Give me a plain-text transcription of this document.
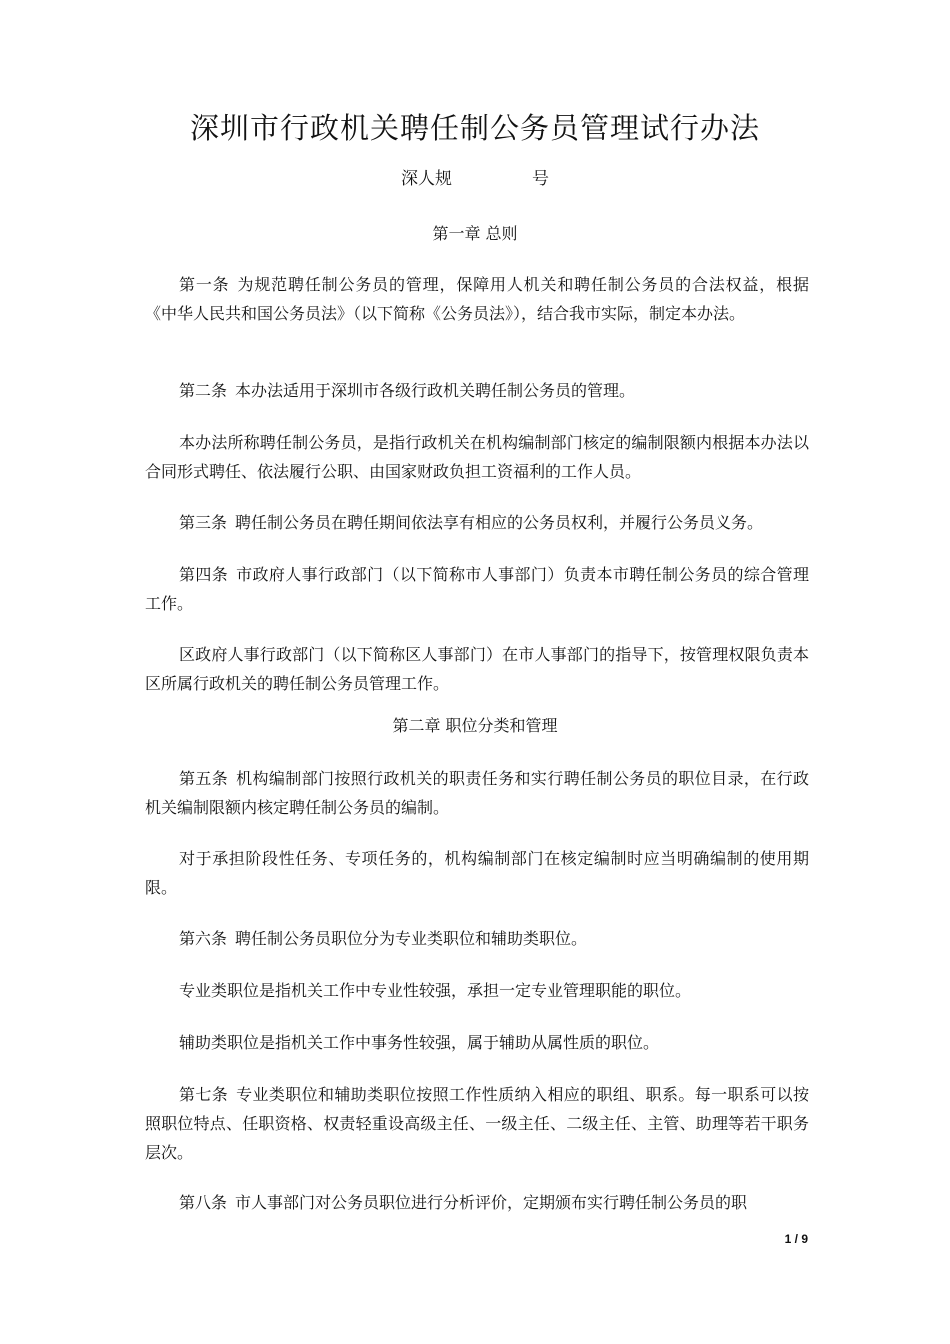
深圳市行政机关聘任制公务员管理试行办法
深人规	号
第一章 总则
第一条 为规范聘任制公务员的管理，保障用人机关和聘任制公务员的合法权益，根据《中华人民共和国公务员法》（以下简称《公务员法》），结合我市实际，制定本办法。
第二条 本办法适用于深圳市各级行政机关聘任制公务员的管理。
本办法所称聘任制公务员，是指行政机关在机构编制部门核定的编制限额内根据本办法以合同形式聘任、依法履行公职、由国家财政负担工资福利的工作人员。
第三条 聘任制公务员在聘任期间依法享有相应的公务员权利，并履行公务员义务。
第四条 市政府人事行政部门（以下简称市人事部门）负责本市聘任制公务员的综合管理工作。
区政府人事行政部门（以下简称区人事部门）在市人事部门的指导下，按管理权限负责本区所属行政机关的聘任制公务员管理工作。
第二章 职位分类和管理
第五条 机构编制部门按照行政机关的职责任务和实行聘任制公务员的职位目录，在行政机关编制限额内核定聘任制公务员的编制。
对于承担阶段性任务、专项任务的，机构编制部门在核定编制时应当明确编制的使用期限。
第六条 聘任制公务员职位分为专业类职位和辅助类职位。
专业类职位是指机关工作中专业性较强，承担一定专业管理职能的职位。
辅助类职位是指机关工作中事务性较强，属于辅助从属性质的职位。
第七条 专业类职位和辅助类职位按照工作性质纳入相应的职组、职系。每一职系可以按照职位特点、任职资格、权责轻重设高级主任、一级主任、二级主任、主管、助理等若干职务层次。
第八条 市人事部门对公务员职位进行分析评价，定期颁布实行聘任制公务员的职
1 / 9
